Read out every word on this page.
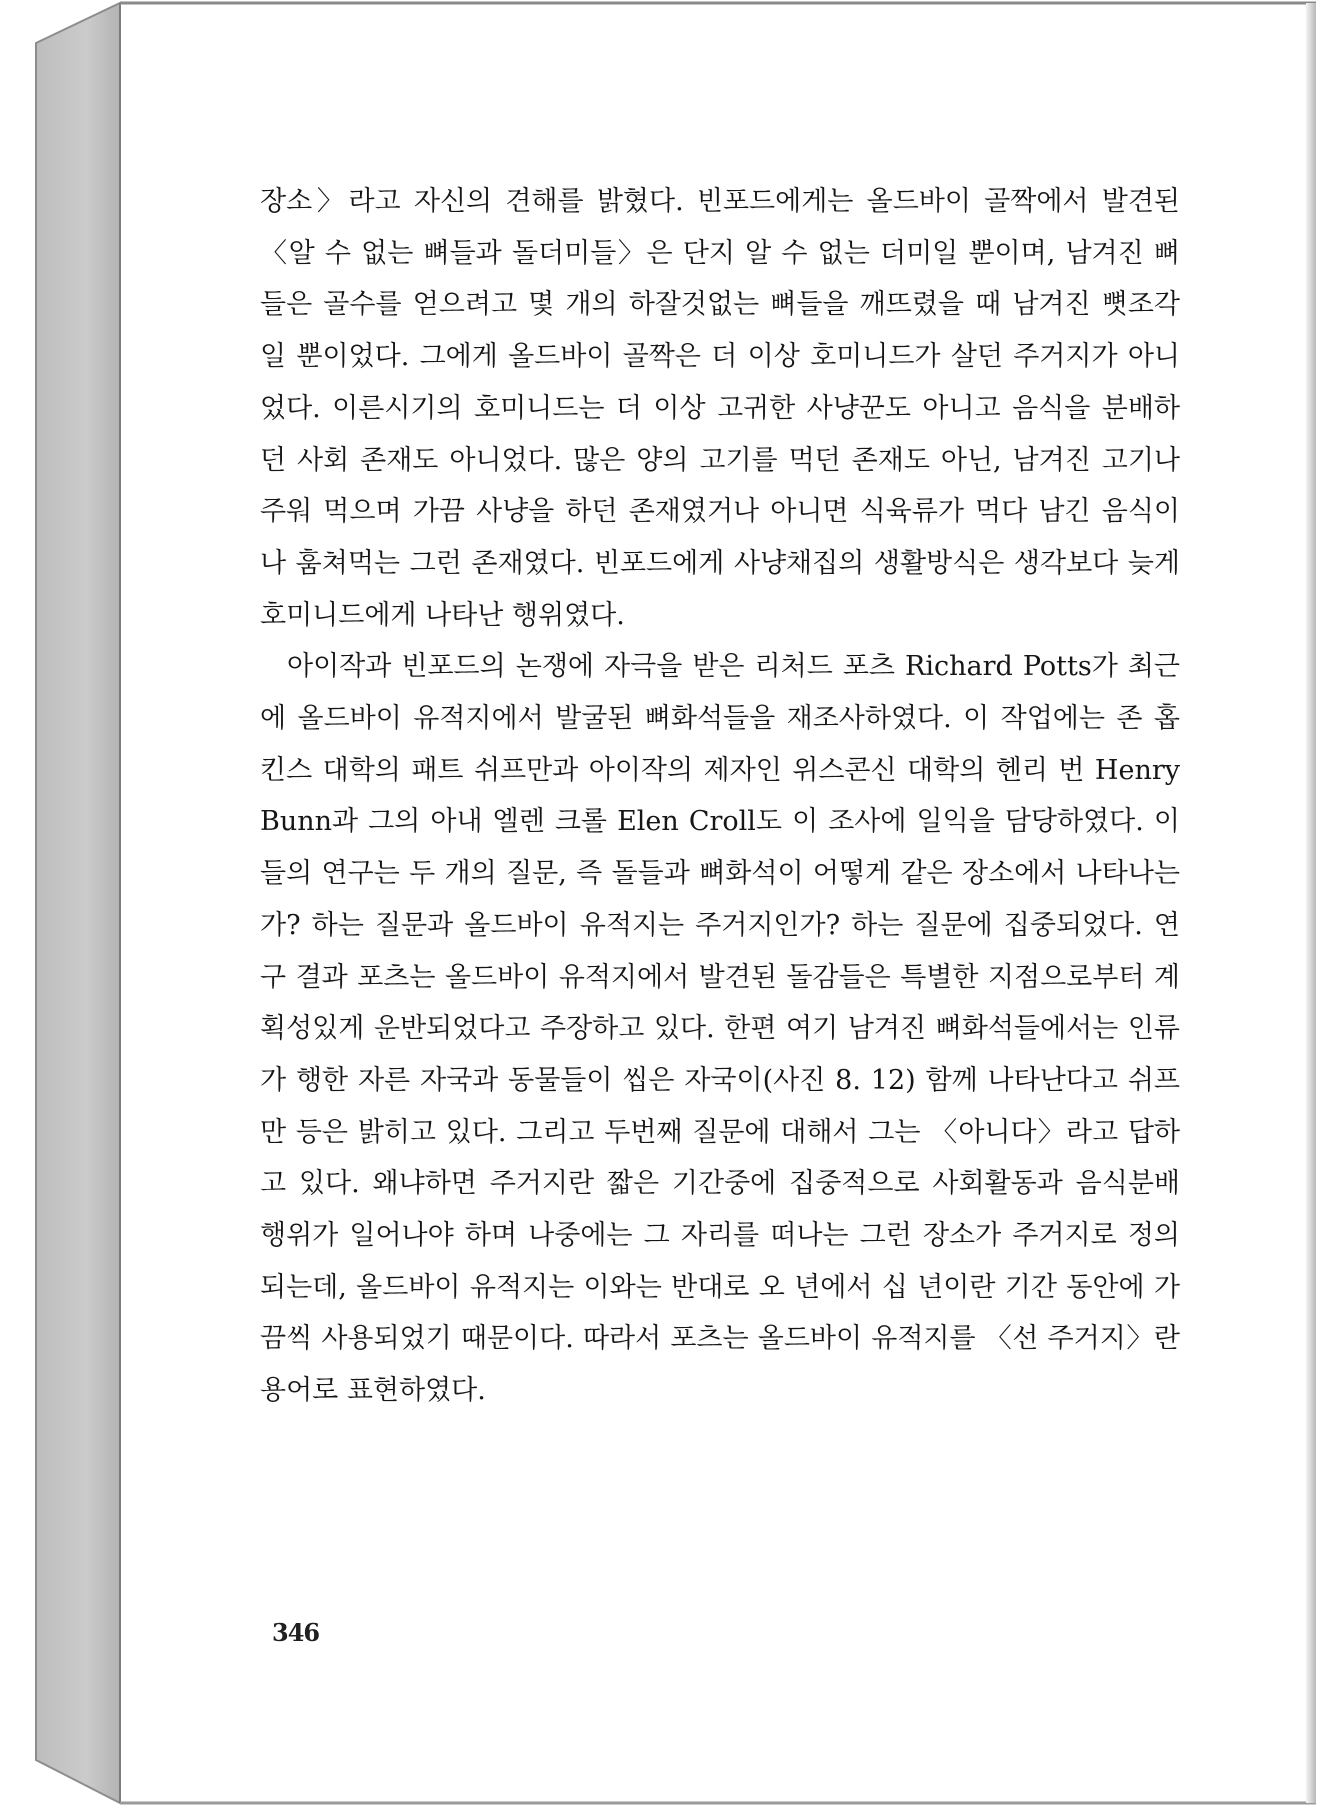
장소〉라고 자신의 견해를 밝혔다. 빈포드에게는 올드바이 골짝에서 발견된 〈알 수 없는 뼈들과 돌더미들〉은 단지 알 수 없는 더미일 뿐이며, 남겨진 뼈들은 골수를 얻으려고 몇 개의 하잘것없는 뼈들을 깨뜨렸을 때 남겨진 뼛조각일 뿐이었다. 그에게 올드바이 골짝은 더 이상 호미니드가 살던 주거지가 아니었다. 이른시기의 호미니드는 더 이상 고귀한 사냥꾼도 아니고 음식을 분배하던 사회 존재도 아니었다. 많은 양의 고기를 먹던 존재도 아닌, 남겨진 고기나 주워 먹으며 가끔 사냥을 하던 존재였거나 아니면 식육류가 먹다 남긴 음식이나 훔쳐먹는 그런 존재였다. 빈포드에게 사냥채집의 생활방식은 생각보다 늦게 호미니드에게 나타난 행위였다.

아이작과 빈포드의 논쟁에 자극을 받은 리처드 포츠 Richard Potts가 최근에 올드바이 유적지에서 발굴된 뼈화석들을 재조사하였다. 이 작업에는 존 홉킨스 대학의 패트 쉬프만과 아이작의 제자인 위스콘신 대학의 헨리 번 Henry Bunn과 그의 아내 엘렌 크롤 Elen Croll도 이 조사에 일익을 담당하였다. 이들의 연구는 두 개의 질문, 즉 돌들과 뼈화석이 어떻게 같은 장소에서 나타나는가? 하는 질문과 올드바이 유적지는 주거지인가? 하는 질문에 집중되었다. 연구 결과 포츠는 올드바이 유적지에서 발견된 돌감들은 특별한 지점으로부터 계획성있게 운반되었다고 주장하고 있다. 한편 여기 남겨진 뼈화석들에서는 인류가 행한 자른 자국과 동물들이 씹은 자국이(사진 8. 12) 함께 나타난다고 쉬프만 등은 밝히고 있다. 그리고 두번째 질문에 대해서 그는 〈아니다〉라고 답하고 있다. 왜냐하면 주거지란 짧은 기간중에 집중적으로 사회활동과 음식분배 행위가 일어나야 하며 나중에는 그 자리를 떠나는 그런 장소가 주거지로 정의되는데, 올드바이 유적지는 이와는 반대로 오 년에서 십 년이란 기간 동안에 가끔씩 사용되었기 때문이다. 따라서 포츠는 올드바이 유적지를 〈선 주거지〉란 용어로 표현하였다.

346
